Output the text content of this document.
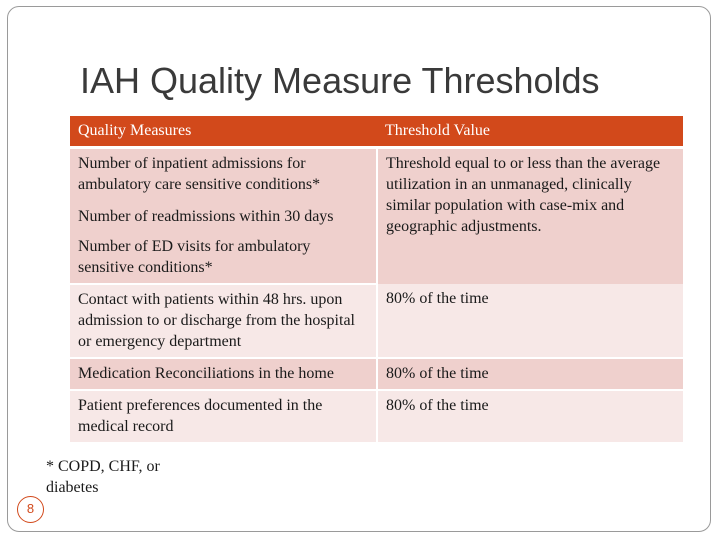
IAH Quality Measure Thresholds
Quality Measures	Threshold Value
Number of inpatient admissions for ambulatory care sensitive conditions*	Threshold equal to or less than the average utilization in an unmanaged, clinically similar population with case-mix and geographic adjustments.
Number of readmissions within 30 days	
Number of ED visits for ambulatory sensitive conditions*	
Contact with patients within 48 hrs. upon admission to or discharge from the hospital or emergency department	80% of the time
Medication Reconciliations in the home	80% of the time
Patient preferences documented in the medical record	80% of the time
* COPD, CHF, or diabetes
8
